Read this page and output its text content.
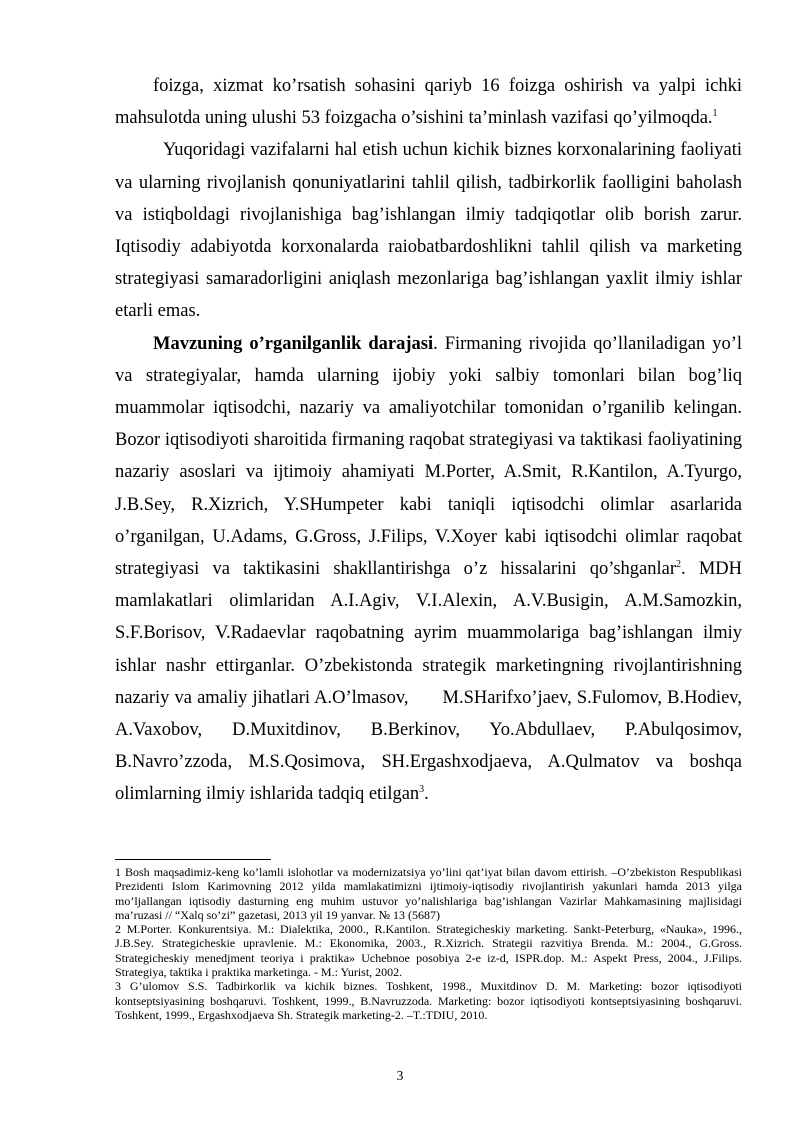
foizga, xizmat ko’rsatish sohasini qariyb 16 foizga oshirish va yalpi ichki mahsulotda uning ulushi 53 foizgacha o’sishini ta’minlash vazifasi qo’yilmoqda.$^1$

Yuqoridagi vazifalarni hal etish uchun kichik biznes korxonalarining faoliyati va ularning rivojlanish qonuniyatlarini tahlil qilish, tadbirkorlik faolligini baholash va istiqboldagi rivojlanishiga bag’ishlangan ilmiy tadqiqotlar olib borish zarur. Iqtisodiy adabiyotda korxonalarda raiobatbardoshlikni tahlil qilish va marketing strategiyasi samaradorligini aniqlash mezonlariga bag’ishlangan yaxlit ilmiy ishlar etarli emas.

Mavzuning o’rganilganlik darajasi. Firmaning rivojida qo’llaniladigan yo’l va strategiyalar, hamda ularning ijobiy yoki salbiy tomonlari bilan bog’liq muammolar iqtisodchi, nazariy va amaliyotchilar tomonidan o’rganilib kelingan. Bozor iqtisodiyoti sharoitida firmaning raqobat strategiyasi va taktikasi faoliyatining nazariy asoslari va ijtimoiy ahamiyati M.Porter, A.Smit, R.Kantilon, A.Tyurgo, J.B.Sey, R.Xizrich, Y.SHumpeter kabi taniqli iqtisodchi olimlar asarlarida o’rganilgan, U.Adams, G.Gross, J.Filips, V.Xoyer kabi iqtisodchi olimlar raqobat strategiyasi va taktikasini shakllantirishga o’z hissalarini qo’shganlar$^2$. MDH mamlakatlari olimlaridan A.I.Agiv, V.I.Alexin, A.V.Busigin, A.M.Samozkin, S.F.Borisov, V.Radaevlar raqobatning ayrim muammolariga bag’ishlangan ilmiy ishlar nashr ettirganlar. O’zbekistonda strategik marketingning rivojlantirishning nazariy va amaliy jihatlari A.O’lmasov, M.SHarifxo’jaev, S.Fulomov, B.Hodiev, A.Vaxobov, D.Muxitdinov, B.Berkinov, Yo.Abdullaev, P.Abulqosimov, B.Navro’zzoda, M.S.Qosimova, SH.Ergashxodjaeva, A.Qulmatov va boshqa olimlarning ilmiy ishlarida tadqiq etilgan$^3$.

1 Bosh maqsadimiz-keng ko’lamli islohotlar va modernizatsiya yo’lini qat’iyat bilan davom ettirish. –O’zbekiston Respublikasi Prezidenti Islom Karimovning 2012 yilda mamlakatimizni ijtimoiy-iqtisodiy rivojlantirish yakunlari hamda 2013 yilga mo’ljallangan iqtisodiy dasturning eng muhim ustuvor yo’nalishlariga bag’ishlangan Vazirlar Mahkamasining majlisidagi ma’ruzasi // “Xalq so’zi” gazetasi, 2013 yil 19 yanvar. № 13 (5687)

2 M.Porter. Konkurentsiya. M.: Dialektika, 2000., R.Kantilon. Strategicheskiy marketing. Sankt-Peterburg, «Nauka», 1996., J.B.Sey. Strategicheskie upravlenie. M.: Ekonomika, 2003., R.Xizrich. Strategii razvitiya Brenda. M.: 2004., G.Gross. Strategicheskiy menedjment teoriya i praktika» Uchebnoe posobiya 2-e iz-d, ISPR.dop. M.: Aspekt Press, 2004., J.Filips. Strategiya, taktika i praktika marketinga. - M.: Yurist, 2002.

3 G’ulomov S.S. Tadbirkorlik va kichik biznes. Toshkent, 1998., Muxitdinov D. M. Marketing: bozor iqtisodiyoti kontseptsiyasining boshqaruvi. Toshkent, 1999., B.Navruzzoda. Marketing: bozor iqtisodiyoti kontseptsiyasining boshqaruvi. Toshkent, 1999., Ergashxodjaeva Sh. Strategik marketing-2. –T.:TDIU, 2010.

3
